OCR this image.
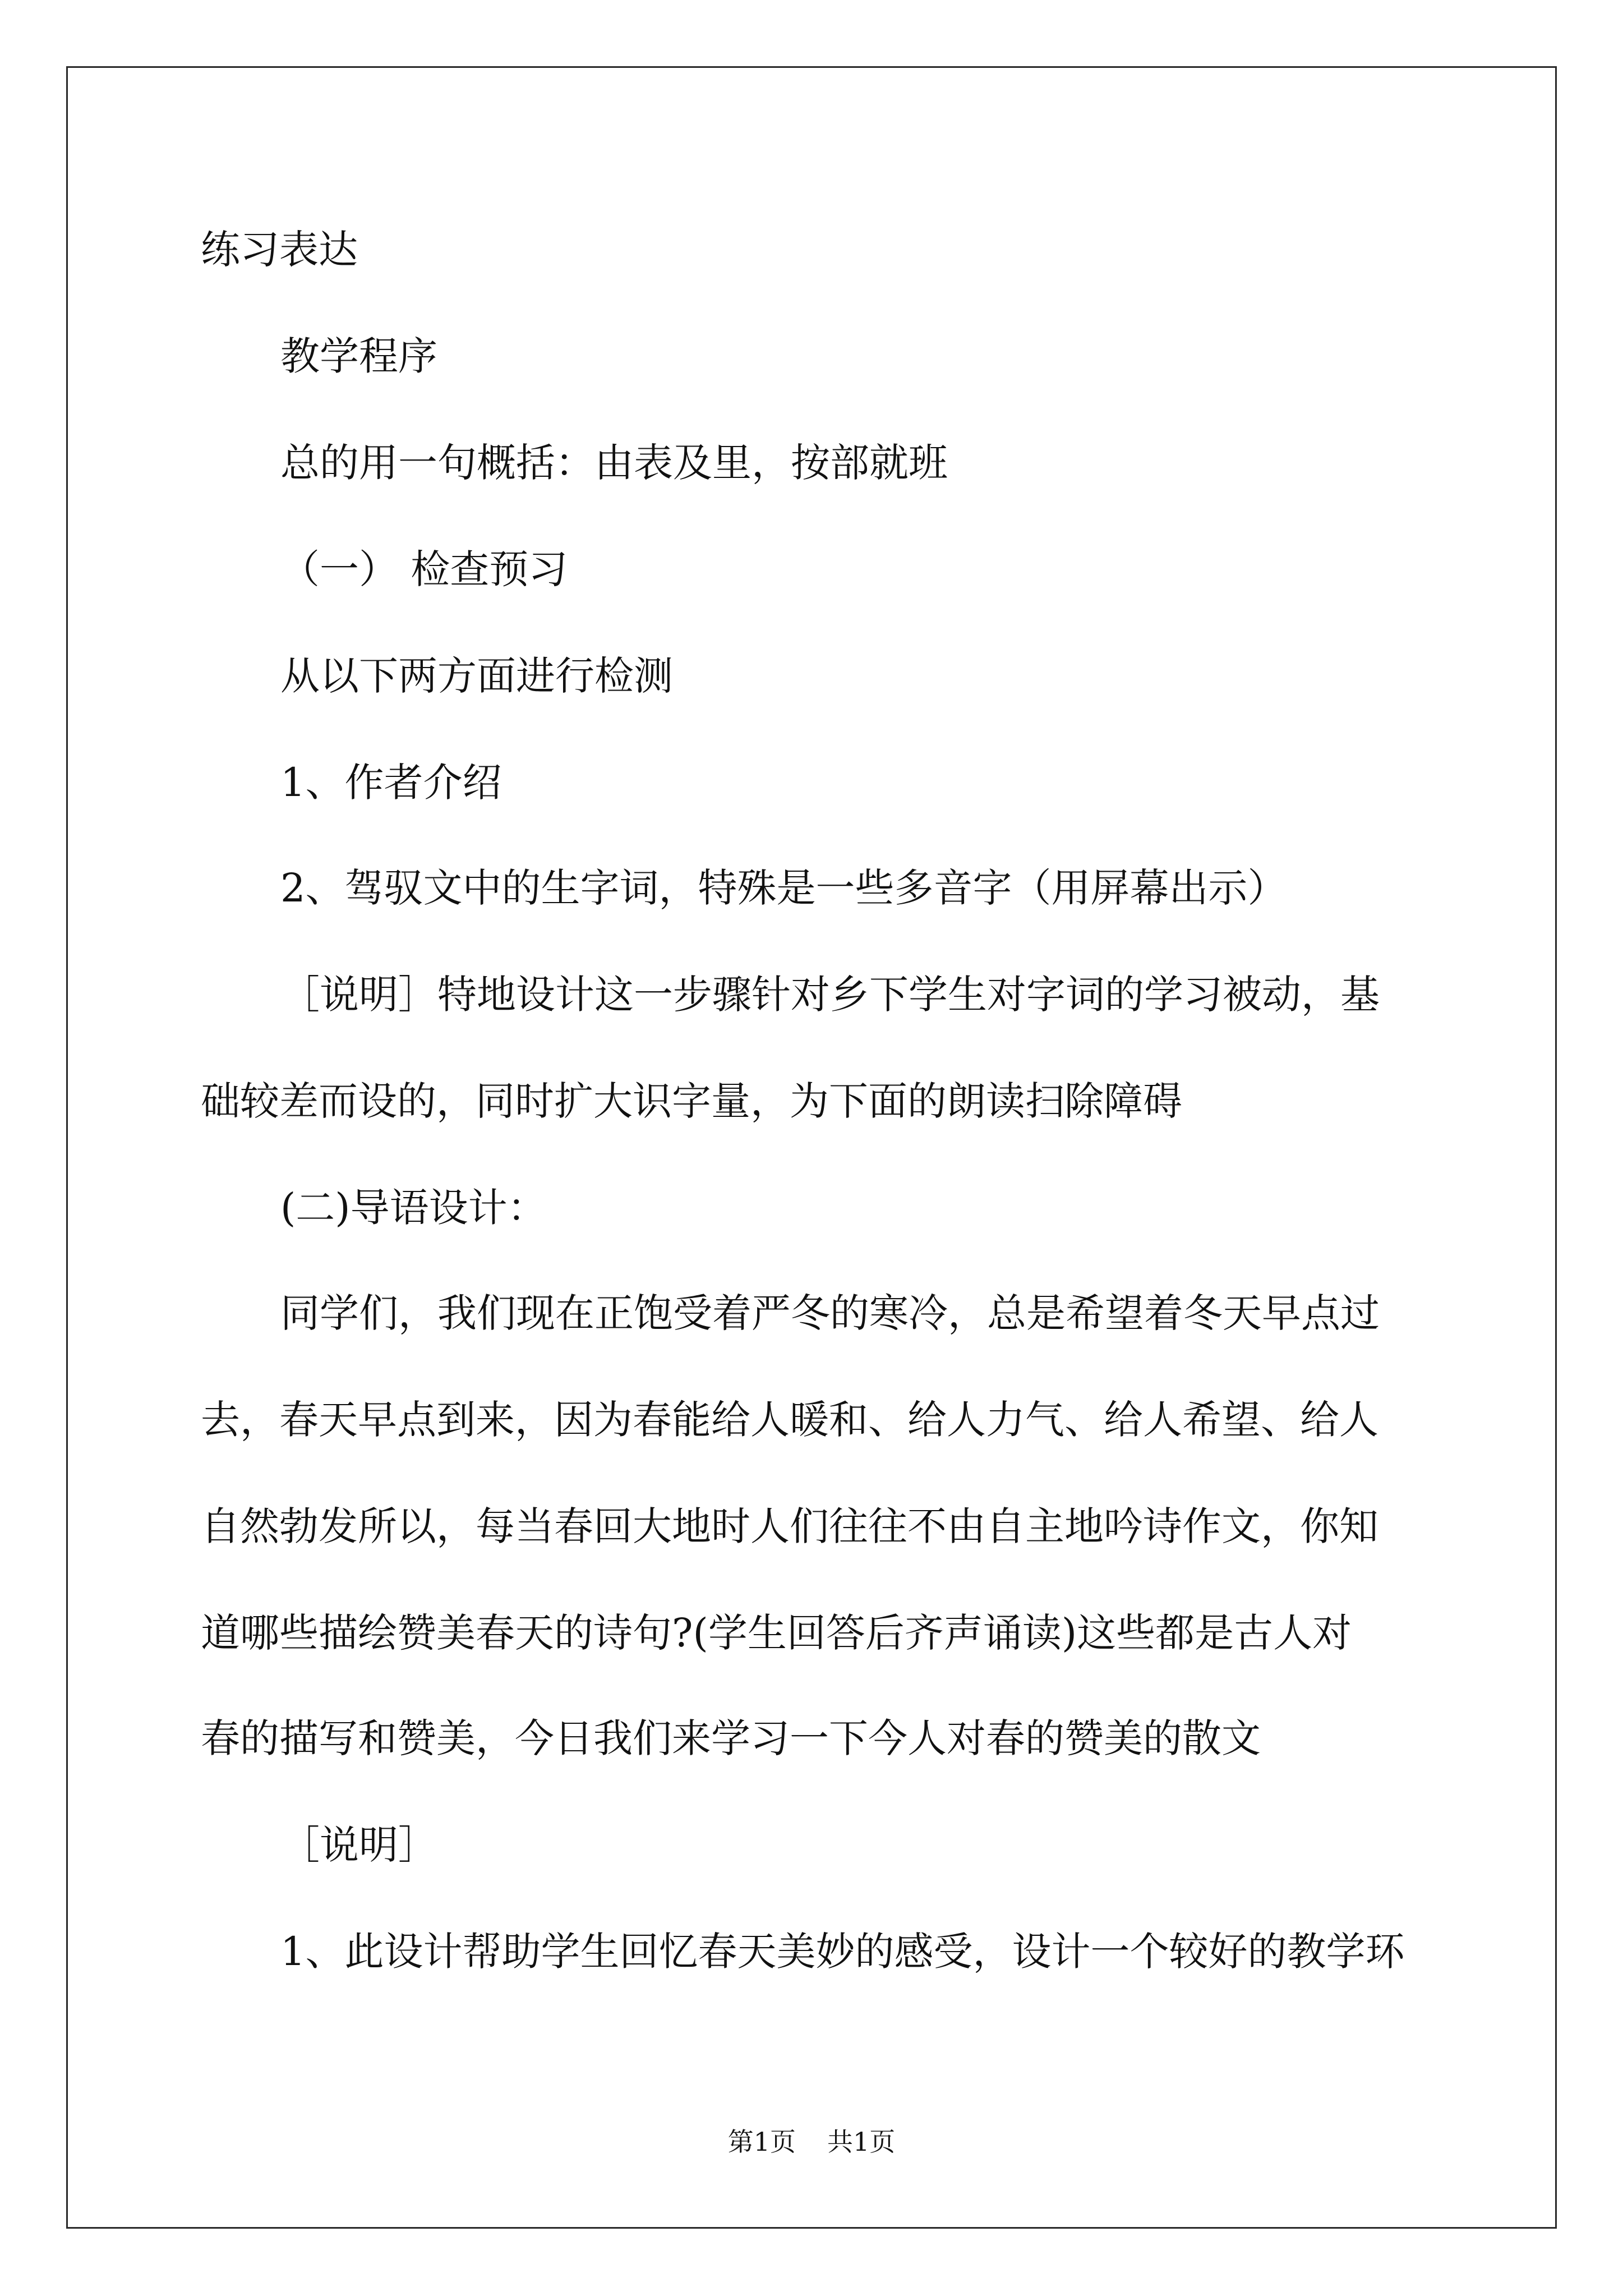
练习表达
教学程序
总的用一句概括：由表及里，按部就班
（一） 检查预习
从以下两方面进行检测
1、作者介绍
2、驾驭文中的生字词，特殊是一些多音字（用屏幕出示）
［说明］特地设计这一步骤针对乡下学生对字词的学习被动，基
础较差而设的，同时扩大识字量，为下面的朗读扫除障碍
(二)导语设计：
同学们，我们现在正饱受着严冬的寒冷，总是希望着冬天早点过
去，春天早点到来，因为春能给人暖和、给人力气、给人希望、给人
自然勃发所以，每当春回大地时人们往往不由自主地吟诗作文，你知
道哪些描绘赞美春天的诗句?(学生回答后齐声诵读)这些都是古人对
春的描写和赞美，今日我们来学习一下今人对春的赞美的散文
［说明］
1、此设计帮助学生回忆春天美妙的感受，设计一个较好的教学环
第1页 共1页
